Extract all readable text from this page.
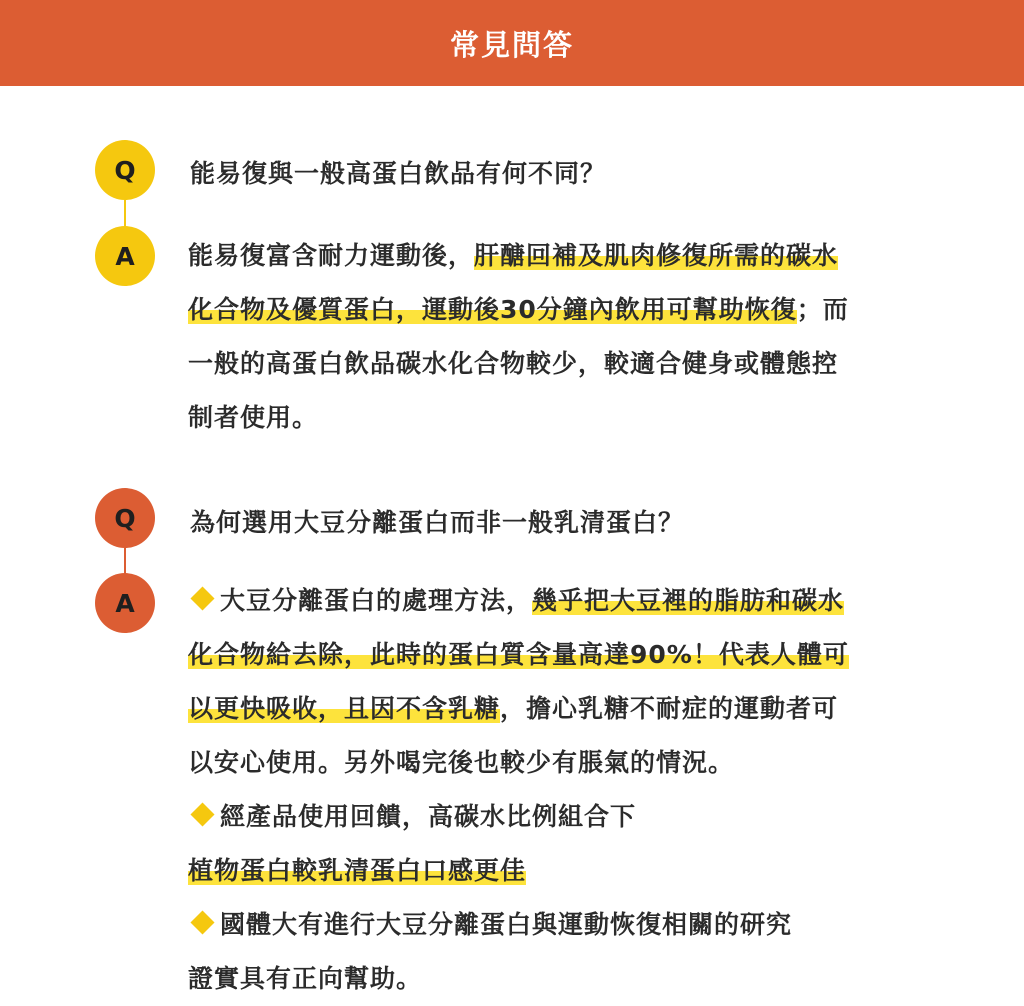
常見問答
Q	能易復與一般高蛋白飲品有何不同？
A	能易復富含耐力運動後，肝醣回補及肌肉修復所需的碳水
化合物及優質蛋白，運動後30分鐘內飲用可幫助恢復；而
一般的高蛋白飲品碳水化合物較少，較適合健身或體態控
制者使用。
Q	為何選用大豆分離蛋白而非一般乳清蛋白？
A	大豆分離蛋白的處理方法，幾乎把大豆裡的脂肪和碳水
化合物給去除，此時的蛋白質含量高達90%！代表人體可
以更快吸收，且因不含乳糖，擔心乳糖不耐症的運動者可
以安心使用。另外喝完後也較少有脹氣的情況。
經產品使用回饋，高碳水比例組合下
植物蛋白較乳清蛋白口感更佳
國體大有進行大豆分離蛋白與運動恢復相關的研究
證實具有正向幫助。
